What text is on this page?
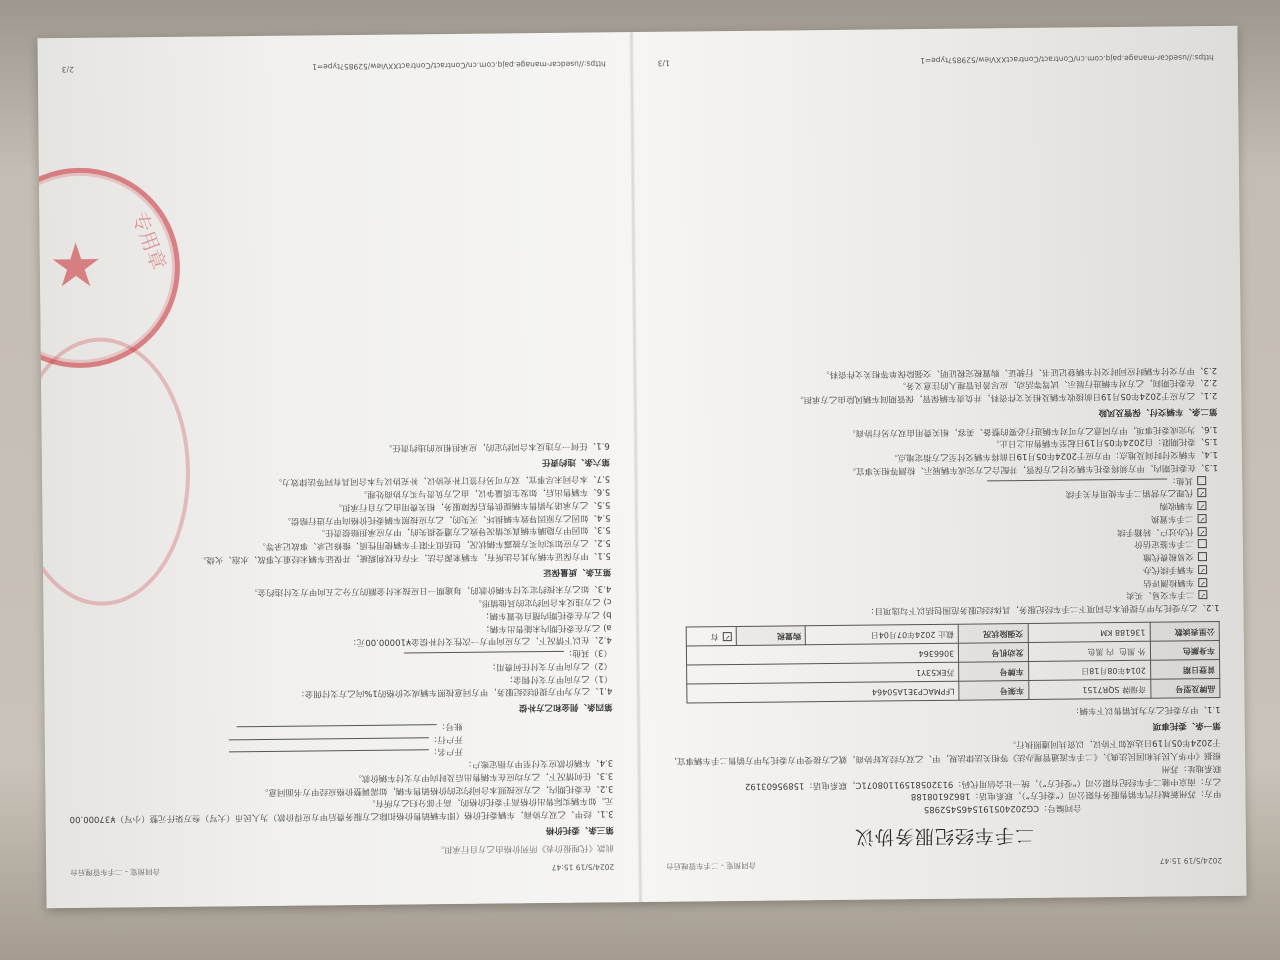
2024/5/19 15:47
合同预览 - 二手车管理后台
前款《代理报价表》所列价格由乙方自行承担。
第三条、委托价格
3.1、经甲、乙双方协商，车辆委托价格（即车辆销售价格扣除乙方服务费后甲方应得价款）为人民币（大写）叁万柒仟元整（小写）¥37000.00元。如车辆实际售出价格高于委托价格的，高于部分归乙方所有。
3.2、在委托期内，乙方应按照本合同约定的价格销售车辆，如需调整价格应经甲方书面同意。
3.3、任何情况下，乙方均应在车辆售出后及时向甲方支付车辆价款。
3.4、车辆价款应支付至甲方指定账户：
开户名：
开户行：
账号：
第四条、佣金和乙方补偿
4.1、乙方为甲方提供经纪服务，甲方同意按照车辆成交价格的1%向乙方支付佣金：
（1）乙方向甲方支付佣金；
（2）乙方向甲方支付任何费用；
（3）其他：
4.2、在以下情况下，乙方应向甲方一次性支付补偿金¥10000.00元：
a) 乙方在委托期内未能售出车辆；
b) 乙方在委托期内擅自处置车辆；
c) 乙方违反本合同约定的其他情形。
4.3、如乙方未按约定支付车辆价款的，每逾期一日应按未付金额的万分之五向甲方支付违约金。
第五条、质量保证
5.1、甲方保证车辆为其合法所有，车辆来源合法，不存在权利瑕疵，并保证车辆未经重大事故、水泡、火烧。
5.2、乙方应如实向买方披露车辆状况，包括但不限于车辆使用性质、维修记录、事故记录等。
5.3、如因甲方隐瞒车辆真实情况导致乙方遭受损失的，甲方应承担赔偿责任。
5.4、如因乙方原因导致车辆损坏、灭失的，乙方应按照车辆委托价格向甲方进行赔偿。
5.5、乙方承诺为销售车辆提供售后保障服务，相关费用由乙方自行承担。
5.6、车辆售出后，如发生质量争议，由乙方负责与买方协商处理。
5.7、本合同未尽事宜，双方可另行签订补充协议，补充协议与本合同具有同等法律效力。
第六条、违约责任
6.1、任何一方违反本合同约定的，应承担相应的违约责任。
https://usedcar-manage.pajq.com.cn/Contract/ContractXXView/52985?type=1
2/3
★	专用章
2024/5/19 15:47
合同预览 - 二手车管理后台
二手车经纪服务协议
合同编号：CG2024051915465452985
甲方：苏州新城行汽车销售服务有限公司（“委托方”），联系电话：18626108188
乙方：南京中驰二手车经纪有限公司（“受托方”），统一社会信用代码：91320581591108071C，联系电话：15895603192
联系地址：苏州
根据《中华人民共和国民法典》、《二手车流通管理办法》等相关法律法规，甲、乙双方经友好协商，就乙方接受甲方委托为甲方销售二手车辆事宜，于2024年05月19日达成如下协议，以资共同遵照执行。
第一条、委托事项
1.1、甲方委托乙方为其销售以下车辆：
品牌及型号	奇瑞牌 SQR7151	车架号	LFPMACP3E1A50464		
首登日期	2014年08月18日	车牌号	苏EK53Y1		
车身颜色	外 黑色  内 黑色	发动机号	3066364		
公里表读数	136188 KM	交强险状况	截止 2024年07月04日	购置税	✓有
1.2、乙方受托为甲方提供本合同项下二手车经纪服务，具体经纪服务范围包括以下勾选项目：
✓二手车交易、买卖
✓车辆检测评估
✓车辆手续代办
交易税费代缴
二手车鉴定估价
✓代办过户、转籍手续
✓二手车置换
✓车辆收购
✓代理乙方营销二手车使用有关手续
其他：
1.3、在委托期内，甲方须将委托车辆交付乙方保管，并配合乙方完成车辆展示、检测等相关事宜。
1.4、车辆交付时间及地点：甲方应于2024年05月19日前将车辆交付至乙方指定地点。
1.5、委托期限：自2024年05月19日起至车辆售出之日止。
1.6、为完成委托事项，甲方同意乙方可对车辆进行必要的整备、美容，相关费用由双方另行协商。
第二条、车辆交付、保管及风险
2.1、乙方应于2024年05月19日前接收车辆及相关文件资料，并负责车辆保管，保管期间车辆风险由乙方承担。
2.2、在委托期间，乙方对车辆进行展示、试驾等活动，应尽善良管理人的注意义务。
2.3、甲方交付车辆时应同时交付车辆登记证书、行驶证、购置税完税证明、交强险保单等相关文件资料。
https://usedcar-manage.pajq.com.cn/Contract/ContractXXView/52985?type=1
1/3
